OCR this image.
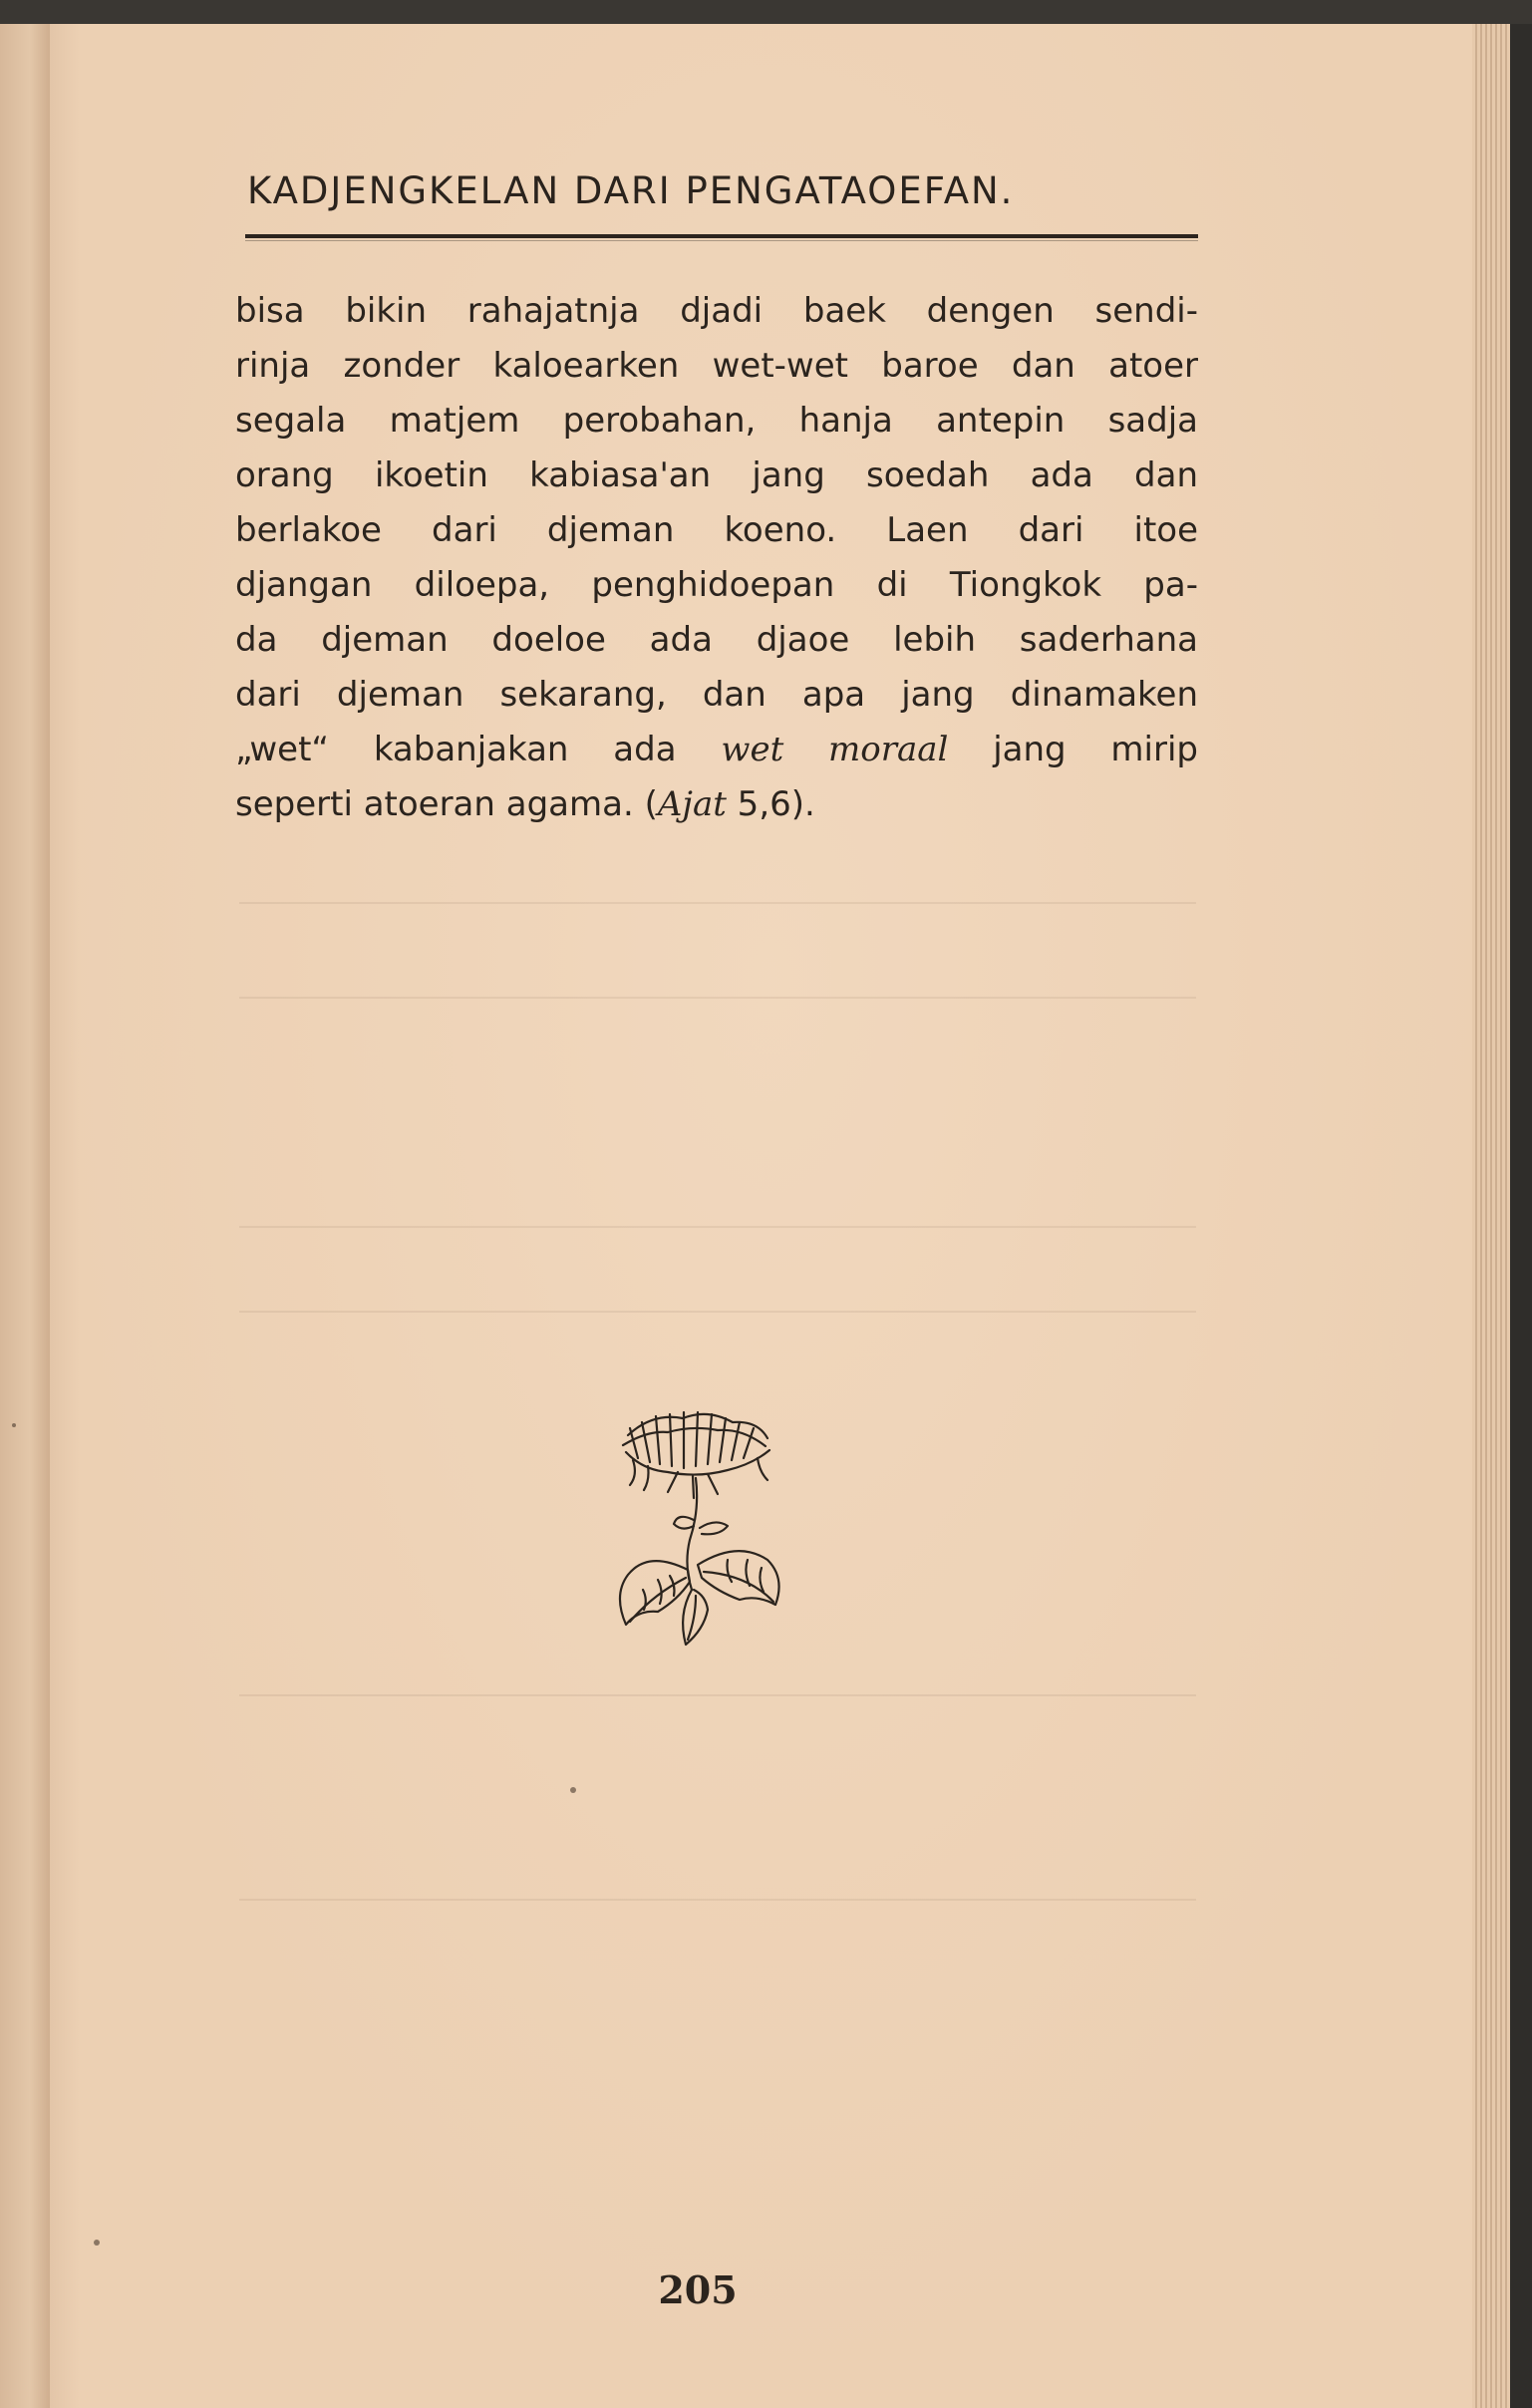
KADJENGKELAN DARI PENGATAOEFAN.
bisa bikin rahajatnja djadi baek dengen sendi-
rinja zonder kaloearken wet-wet baroe dan atoer
segala matjem perobahan, hanja antepin sadja
orang ikoetin kabiasa'an jang soedah ada dan
berlakoe dari djeman koeno. Laen dari itoe
djangan diloepa, penghidoepan di Tiongkok pa-
da djeman doeloe ada djaoe lebih saderhana
dari djeman sekarang, dan apa jang dinamaken
„wet“ kabanjakan ada wet moraal jang mirip
seperti atoeran agama. (Ajat 5,6).
205
